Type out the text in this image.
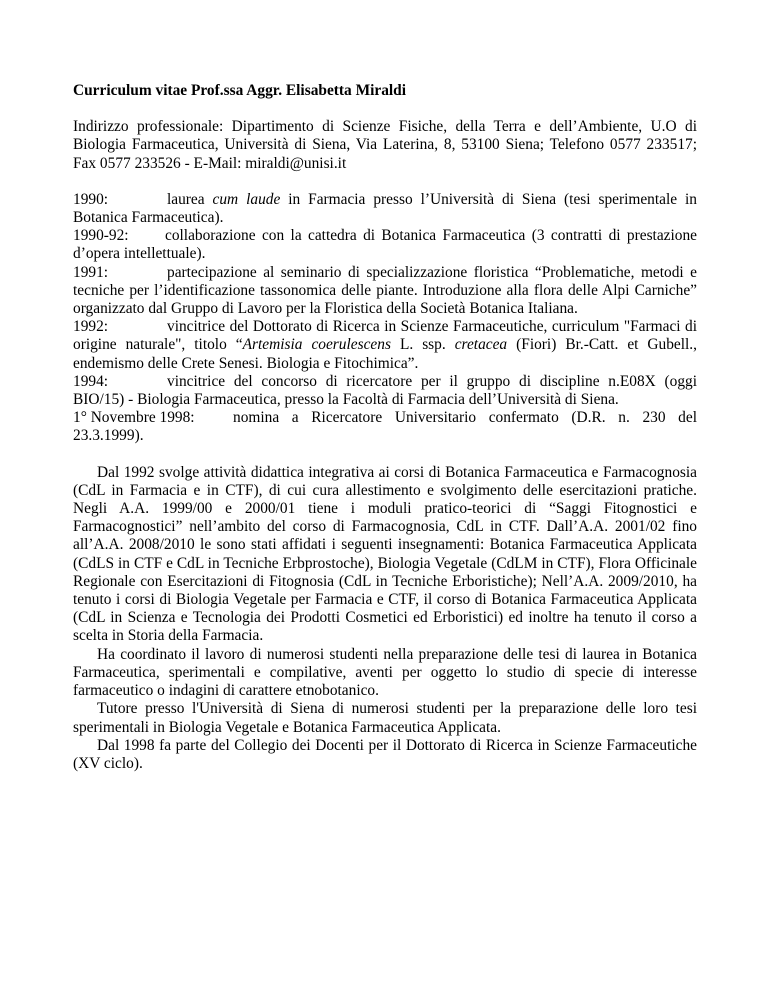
Curriculum vitae Prof.ssa Aggr. Elisabetta Miraldi

Indirizzo professionale: Dipartimento di Scienze Fisiche, della Terra e dell’Ambiente, U.O di Biologia Farmaceutica, Università di Siena, Via Laterina, 8, 53100 Siena; Telefono 0577 233517; Fax 0577 233526 - E-Mail: miraldi@unisi.it

1990:	laurea cum laude in Farmacia presso l’Università di Siena (tesi sperimentale in Botanica Farmaceutica).

1990-92: collaborazione con la cattedra di Botanica Farmaceutica (3 contratti di prestazione d’opera intellettuale).

1991:	partecipazione al seminario di specializzazione floristica “Problematiche, metodi e tecniche per l’identificazione tassonomica delle piante. Introduzione alla flora delle Alpi Carniche” organizzato dal Gruppo di Lavoro per la Floristica della Società Botanica Italiana.

1992:	vincitrice del Dottorato di Ricerca in Scienze Farmaceutiche, curriculum "Farmaci di origine naturale", titolo “Artemisia coerulescens L. ssp. cretacea (Fiori) Br.-Catt. et Gubell., endemismo delle Crete Senesi. Biologia e Fitochimica”.

1994:	vincitrice del concorso di ricercatore per il gruppo di discipline n.E08X (oggi BIO/15) - Biologia Farmaceutica, presso la Facoltà di Farmacia dell’Università di Siena.

1° Novembre 1998: nomina a Ricercatore Universitario confermato (D.R. n. 230 del 23.3.1999).

Dal 1992 svolge attività didattica integrativa ai corsi di Botanica Farmaceutica e Farmacognosia (CdL in Farmacia e in CTF), di cui cura allestimento e svolgimento delle esercitazioni pratiche. Negli A.A. 1999/00 e 2000/01 tiene i moduli pratico-teorici di “Saggi Fitognostici e Farmacognostici” nell’ambito del corso di Farmacognosia, CdL in CTF. Dall’A.A. 2001/02 fino all’A.A. 2008/2010 le sono stati affidati i seguenti insegnamenti: Botanica Farmaceutica Applicata (CdLS in CTF e CdL in Tecniche Erbprostoche), Biologia Vegetale (CdLM in CTF), Flora Officinale Regionale con Esercitazioni di Fitognosia (CdL in Tecniche Erboristiche); Nell’A.A. 2009/2010, ha tenuto i corsi di Biologia Vegetale per Farmacia e CTF, il corso di Botanica Farmaceutica Applicata (CdL in Scienza e Tecnologia dei Prodotti Cosmetici ed Erboristici) ed inoltre ha tenuto il corso a scelta in Storia della Farmacia.

Ha coordinato il lavoro di numerosi studenti nella preparazione delle tesi di laurea in Botanica Farmaceutica, sperimentali e compilative, aventi per oggetto lo studio di specie di interesse farmaceutico o indagini di carattere etnobotanico.

Tutore presso l'Università di Siena di numerosi studenti per la preparazione delle loro tesi sperimentali in Biologia Vegetale e Botanica Farmaceutica Applicata.

Dal 1998 fa parte del Collegio dei Docenti per il Dottorato di Ricerca in Scienze Farmaceutiche (XV ciclo).
